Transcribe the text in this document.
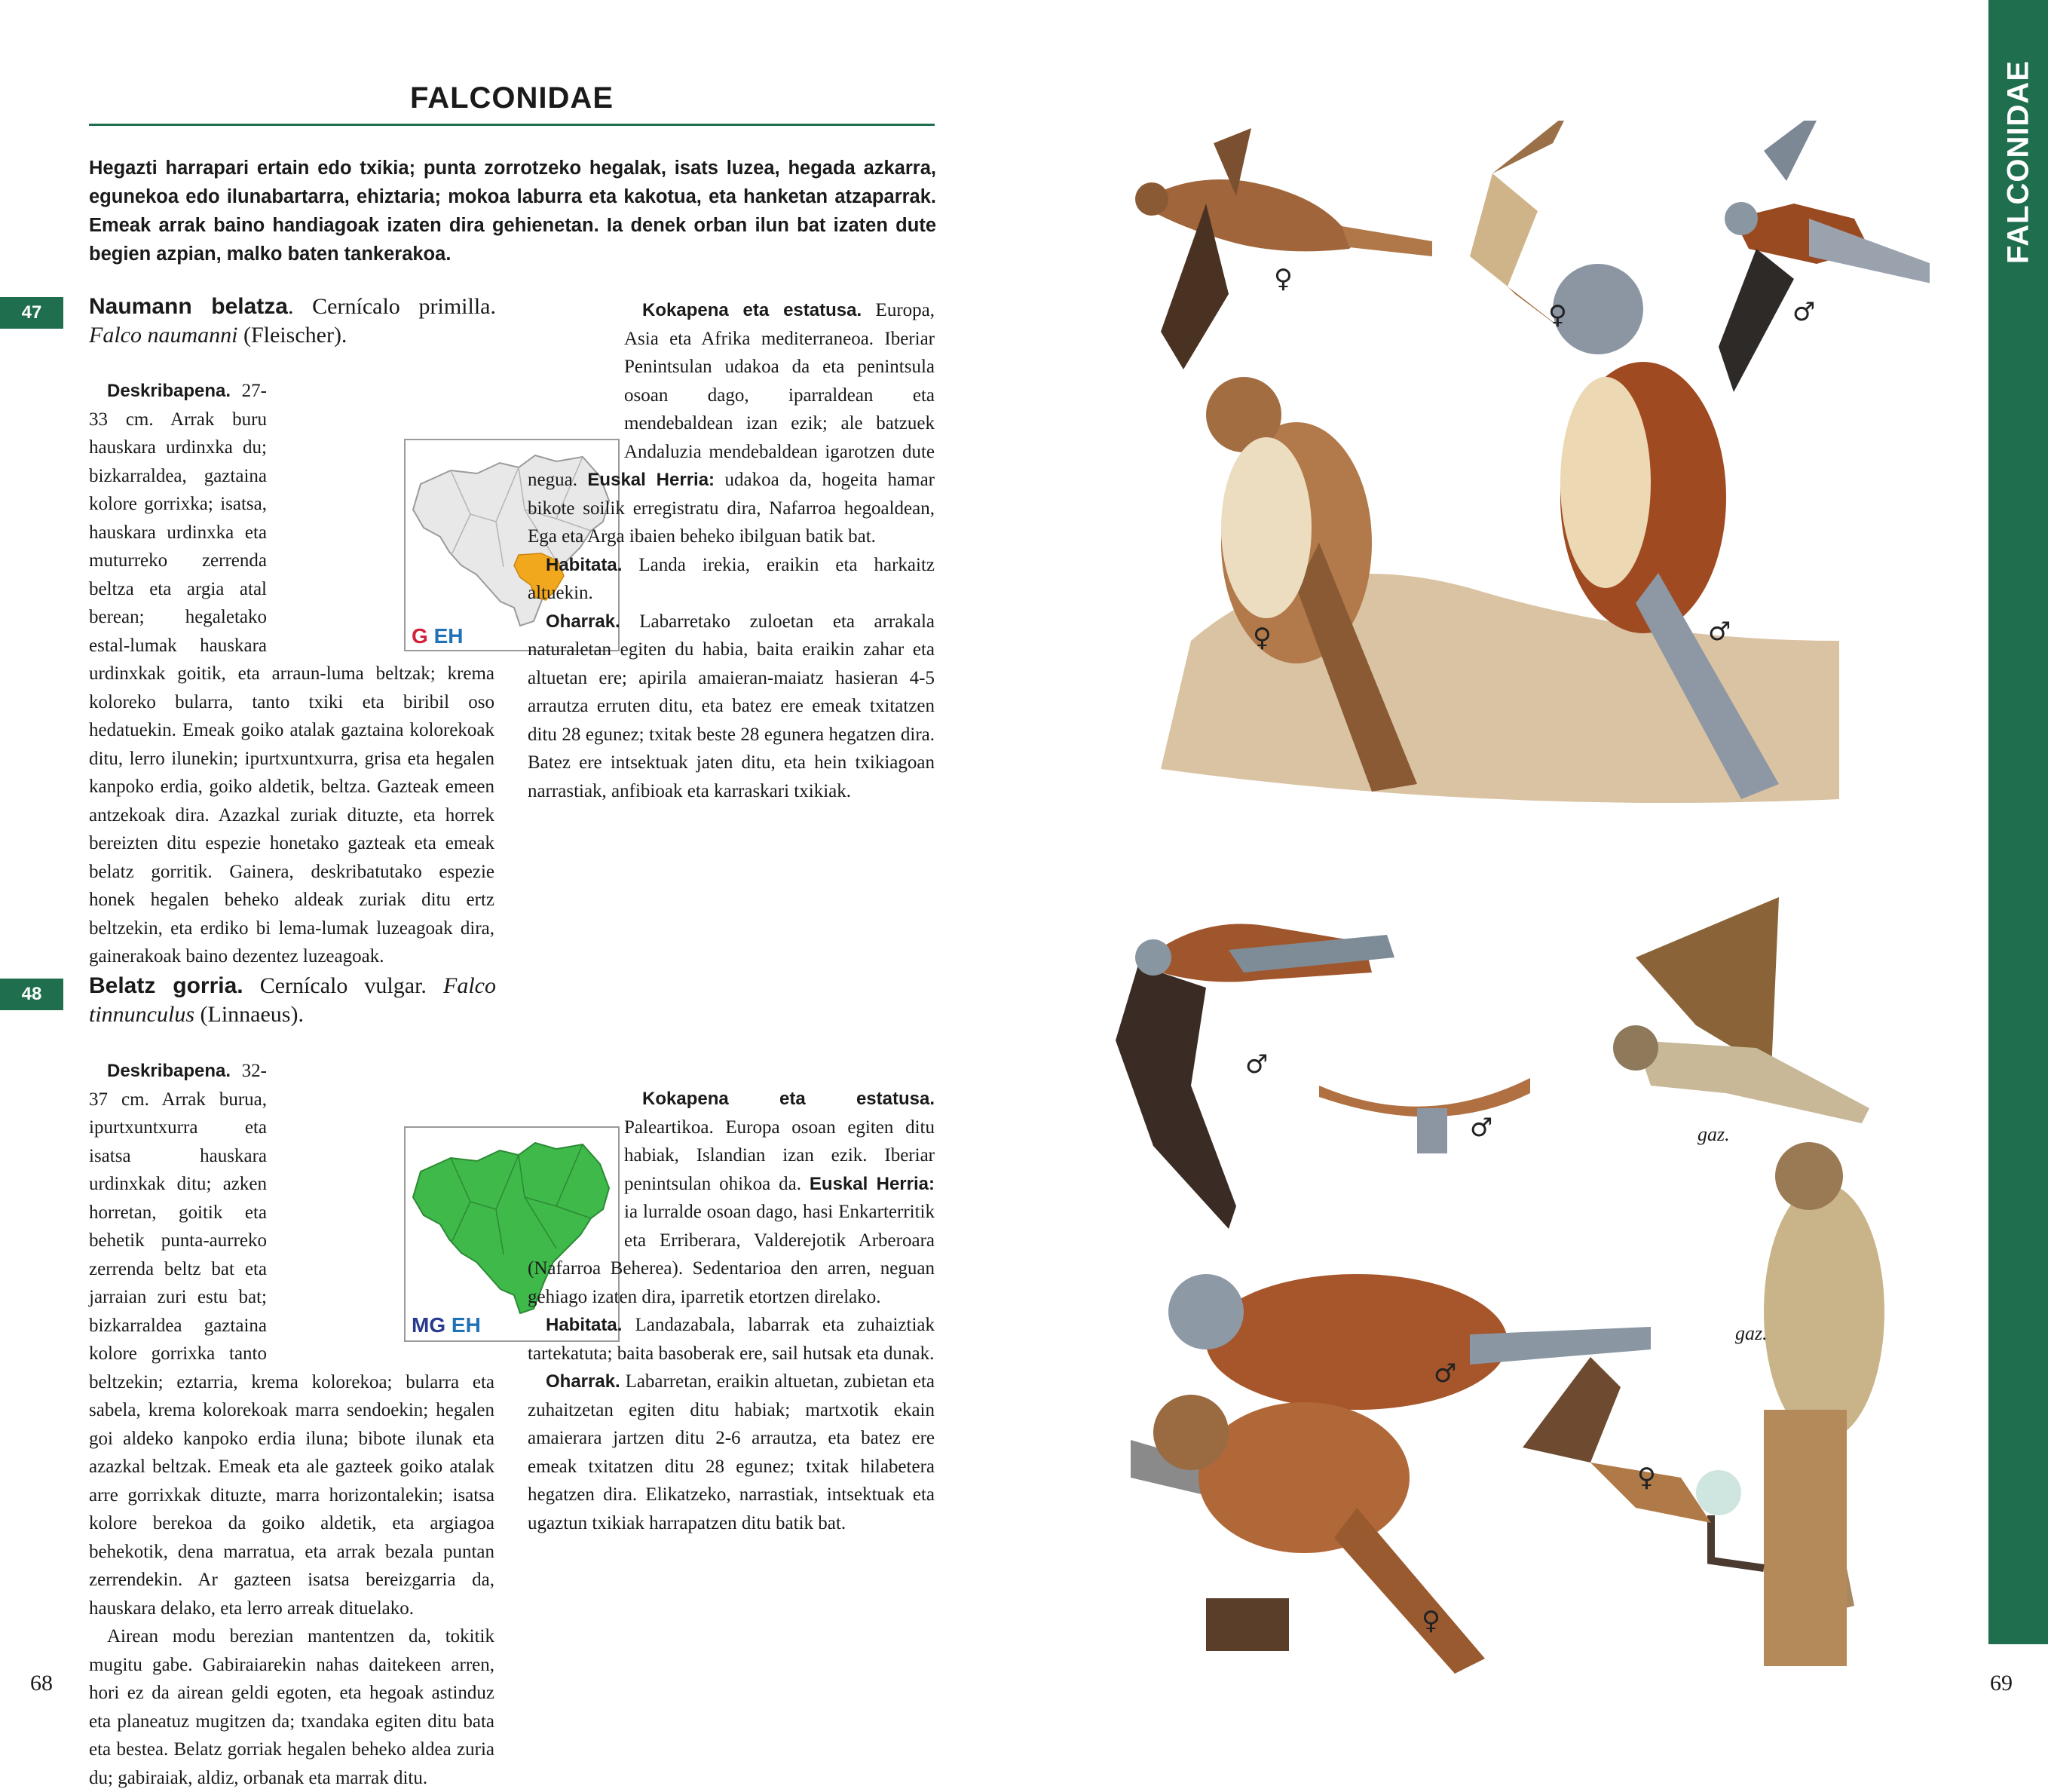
FALCONIDAE
Hegazti harrapari ertain edo txikia; punta zorrotzeko hegalak, isats luzea, hegada azkarra, egunekoa edo ilunabartarra, ehiztaria; mokoa laburra eta kakotua, eta hanketan atzaparrak. Emeak arrak baino handiagoak izaten dira gehienetan. Ia denek orban ilun bat izaten dute begien azpian, malko baten tankerakoa.
47	Naumann belatza. Cernícalo primilla. Falco naumanni (Fleischer).

Deskribapena. 27-33 cm. Arrak buru hauskara urdinxka du; bizkarraldea, gaztaina kolore gorrixka; isatsa, hauskara urdinxka eta muturreko zerrenda beltza eta argia atal berean; hegaletako estal-lumak hauskara urdinxkak goitik, eta arraun-luma beltzak; krema koloreko bularra, tanto txiki eta biribil oso hedatuekin. Emeak goiko atalak gaztaina kolorekoak ditu, lerro ilunekin; ipurtxuntxurra, grisa eta hegalen kanpoko erdia, goiko aldetik, beltza. Gazteak emeen antzekoak dira. Azazkal zuriak dituzte, eta horrek bereizten ditu espezie honetako gazteak eta emeak belatz gorritik. Gainera, deskribatutako espezie honek hegalen beheko aldeak zuriak ditu ertz beltzekin, eta erdiko bi lema-lumak luzeagoak dira, gainerakoak baino dezentez luzeagoak.

G EH

Kokapena eta estatusa. Europa, Asia eta Afrika mediterraneoa. Iberiar Penintsulan udakoa da eta penintsula osoan dago, iparraldean eta mendebaldean izan ezik; ale batzuek Andaluzia mendebaldean igarotzen dute negua. Euskal Herria: udakoa da, hogeita hamar bikote soilik erregistratu dira, Nafarroa hegoaldean, Ega eta Arga ibaien beheko ibilguan batik bat.

Habitata. Landa irekia, eraikin eta harkaitz altuekin.

Oharrak. Labarretako zuloetan eta arrakala naturaletan egiten du habia, baita eraikin zahar eta altuetan ere; apirila amaieran-maiatz hasieran 4-5 arrautza erruten ditu, eta batez ere emeak txitatzen ditu 28 egunez; txitak beste 28 egunera hegatzen dira. Batez ere intsektuak jaten ditu, eta hein txikiagoan narrastiak, anfibioak eta karraskari txikiak.

48	Belatz gorria. Cernícalo vulgar. Falco tinnunculus (Linnaeus).

Deskribapena. 32-37 cm. Arrak burua, ipurtxuntxurra eta isatsa hauskara urdinxkak ditu; azken horretan, goitik eta behetik punta-aurreko zerrenda beltz bat eta jarraian zuri estu bat; bizkarraldea gaztaina kolore gorrixka tanto beltzekin; eztarria, krema kolorekoa; bularra eta sabela, krema kolorekoak marra sendoekin; hegalen goi aldeko kanpoko erdia iluna; bibote ilunak eta azazkal beltzak. Emeak eta ale gazteek goiko atalak arre gorrixkak dituzte, marra horizontalekin; isatsa kolore berekoa da goiko aldetik, eta argiagoa behekotik, dena marratua, eta arrak bezala puntan zerrendekin. Ar gazteen isatsa bereizgarria da, hauskara delako, eta lerro arreak dituelako.

Airean modu berezian mantentzen da, tokitik mugitu gabe. Gabiraiarekin nahas daitekeen arren, hori ez da airean geldi egoten, eta hegoak astinduz eta planeatuz mugitzen da; txandaka egiten ditu bata eta bestea. Belatz gorriak hegalen beheko aldea zuria du; gabiraiak, aldiz, orbanak eta marrak ditu.

MG EH

Kokapena eta estatusa. Paleartikoa. Europa osoan egiten ditu habiak, Islandian izan ezik. Iberiar penintsulan ohikoa da. Euskal Herria: ia lurralde osoan dago, hasi Enkarterritik eta Erriberara, Valderejotik Arberoara (Nafarroa Beherea). Sedentarioa den arren, neguan gehiago izaten dira, iparretik etortzen direlako.

Habitata. Landazabala, labarrak eta zuhaiztiak tartekatuta; baita basoberak ere, sail hutsak eta dunak.

Oharrak. Labarretan, eraikin altuetan, zubietan eta zuhaitzetan egiten ditu habiak; martxotik ekain amaierara jartzen ditu 2-6 arrautza, eta batez ere emeak txitatzen ditu 28 egunez; txitak hilabetera hegatzen dira. Elikatzeko, narrastiak, intsektuak eta ugaztun txikiak harrapatzen ditu batik bat.

68
FALCONIDAE
69
♀
♀	♂
♀	♂
♂
♂	gaz.
gaz.
♂
♀
♀
